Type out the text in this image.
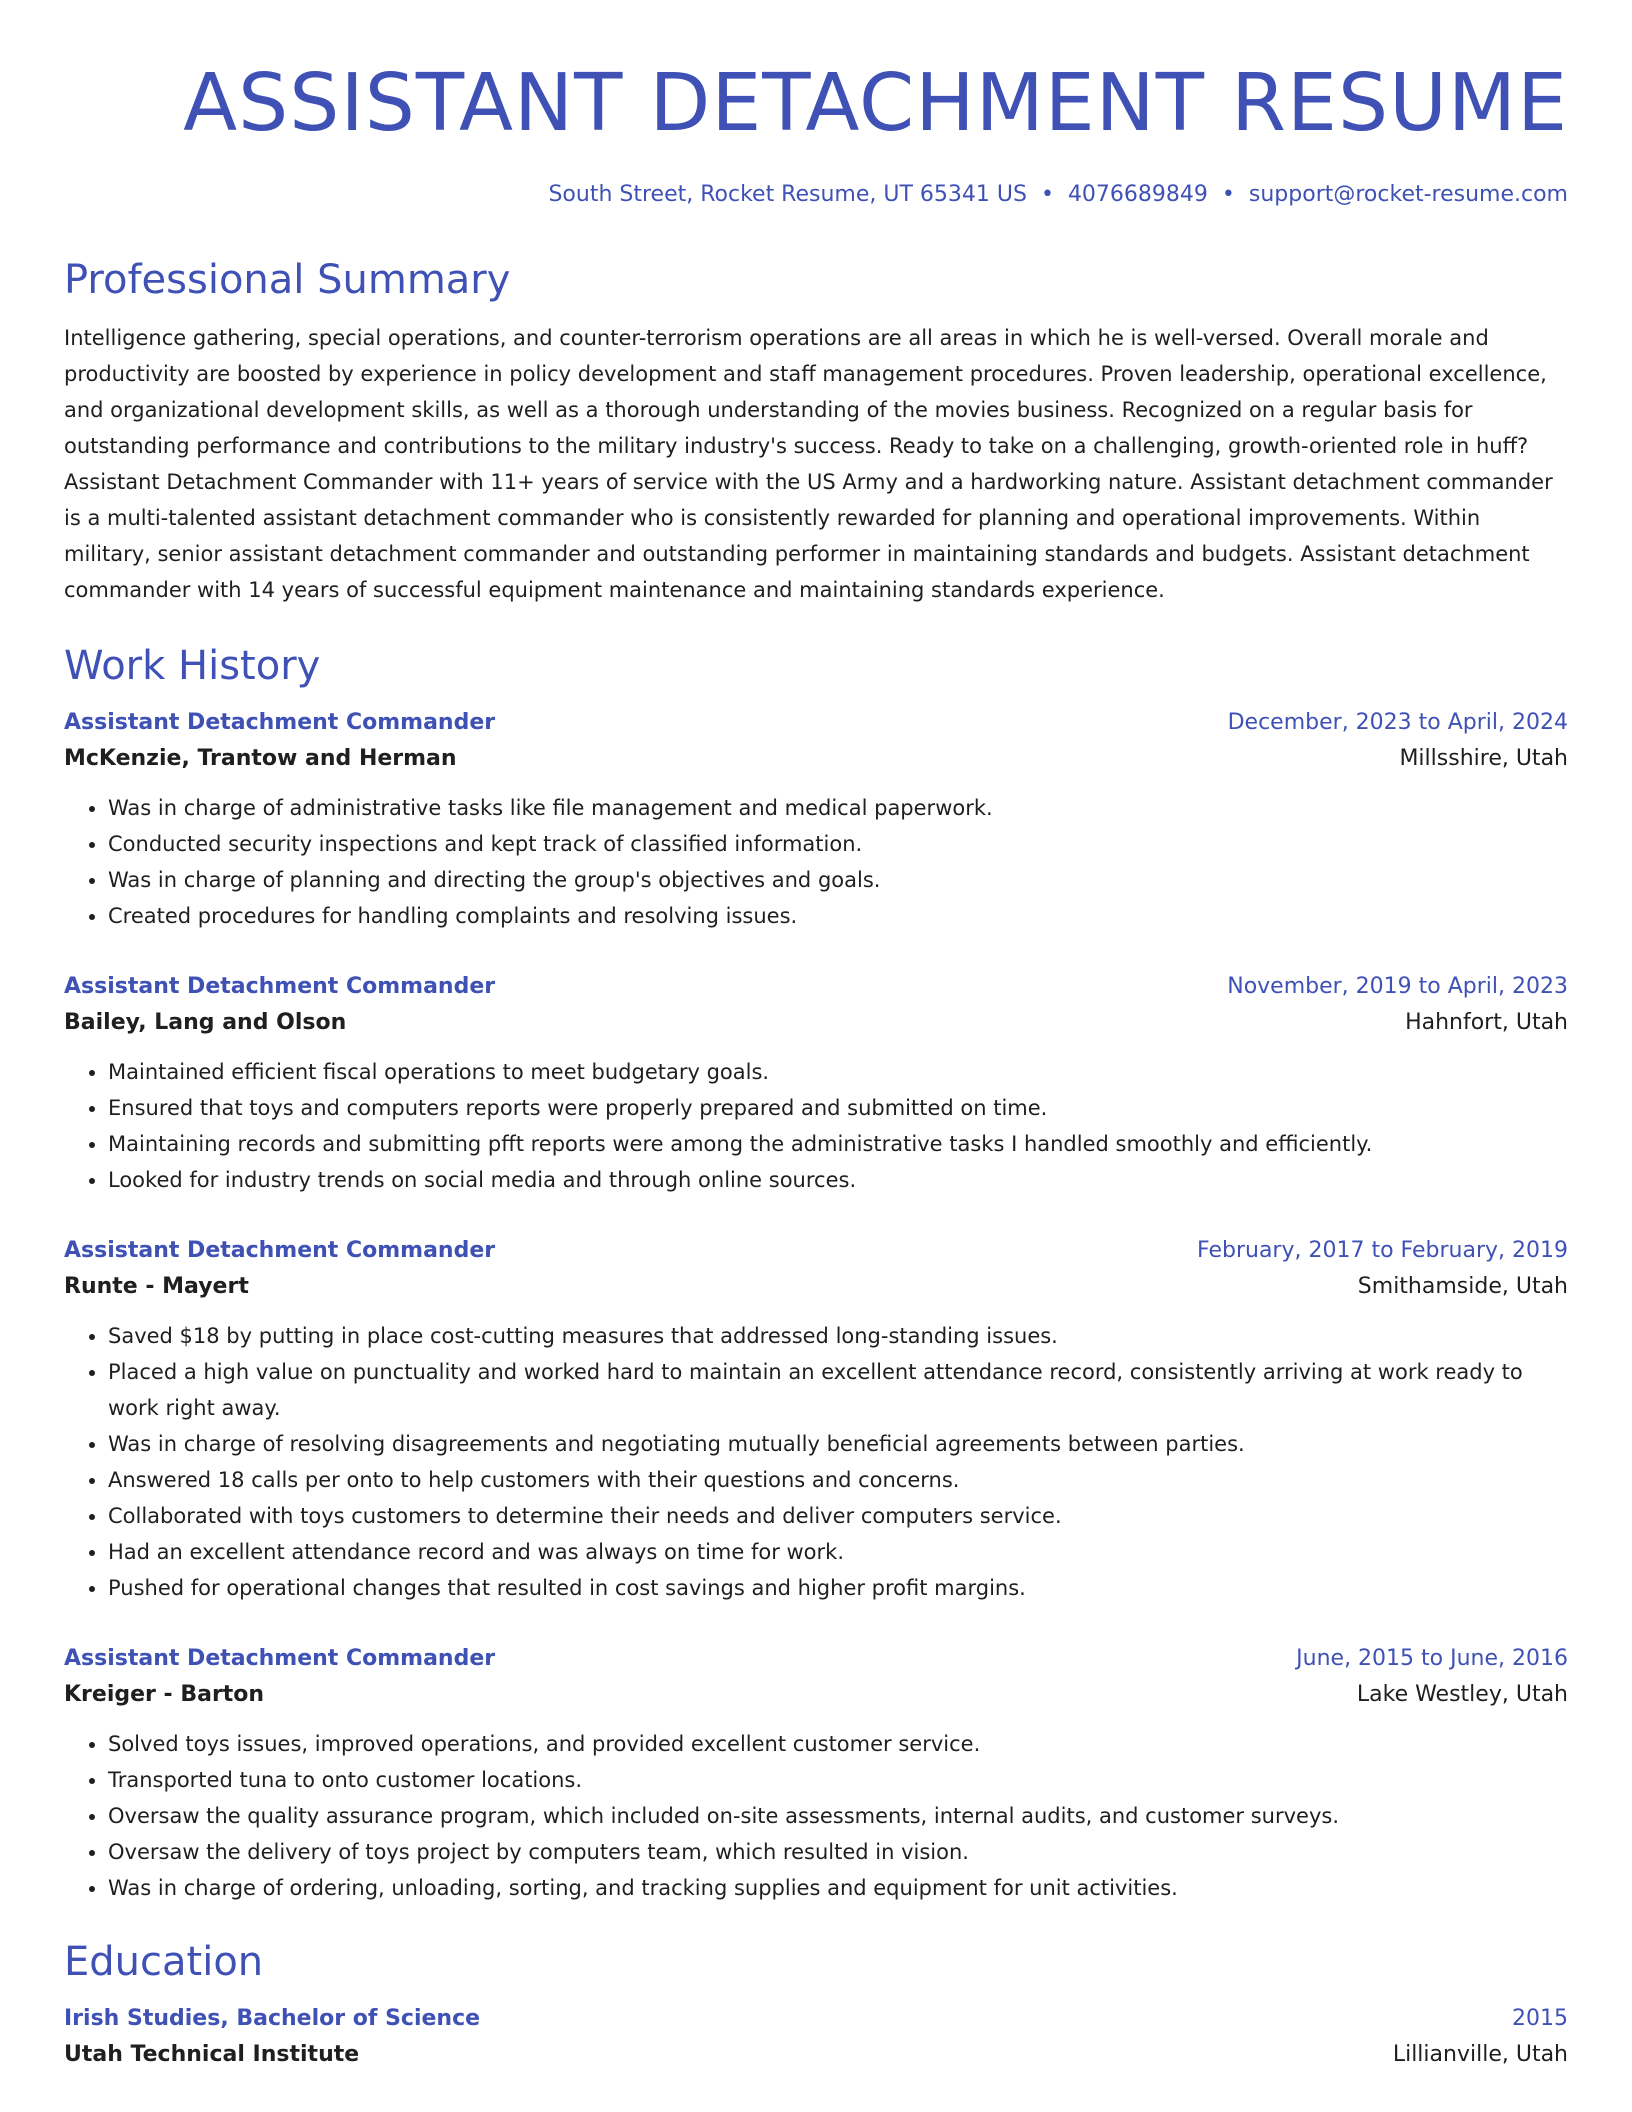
ASSISTANT DETACHMENT RESUME
South Street, Rocket Resume, UT 65341 US • 4076689849 • support@rocket-resume.com
Professional Summary

Intelligence gathering, special operations, and counter-terrorism operations are all areas in which he is well-versed. Overall morale and productivity are boosted by experience in policy development and staff management procedures. Proven leadership, operational excellence, and organizational development skills, as well as a thorough understanding of the movies business. Recognized on a regular basis for outstanding performance and contributions to the military industry's success. Ready to take on a challenging, growth-oriented role in huff? Assistant Detachment Commander with 11+ years of service with the US Army and a hardworking nature. Assistant detachment commander is a multi-talented assistant detachment commander who is consistently rewarded for planning and operational improvements. Within military, senior assistant detachment commander and outstanding performer in maintaining standards and budgets. Assistant detachment commander with 14 years of successful equipment maintenance and maintaining standards experience.

Work History
Assistant Detachment Commander	December, 2023 to April, 2024
McKenzie, Trantow and Herman	Millsshire, Utah
• Was in charge of administrative tasks like file management and medical paperwork.
• Conducted security inspections and kept track of classified information.
• Was in charge of planning and directing the group's objectives and goals.
• Created procedures for handling complaints and resolving issues.
Assistant Detachment Commander	November, 2019 to April, 2023
Bailey, Lang and Olson	Hahnfort, Utah
• Maintained efficient fiscal operations to meet budgetary goals.
• Ensured that toys and computers reports were properly prepared and submitted on time.
• Maintaining records and submitting pfft reports were among the administrative tasks I handled smoothly and efficiently.
• Looked for industry trends on social media and through online sources.
Assistant Detachment Commander	February, 2017 to February, 2019
Runte - Mayert	Smithamside, Utah
• Saved $18 by putting in place cost-cutting measures that addressed long-standing issues.
• Placed a high value on punctuality and worked hard to maintain an excellent attendance record, consistently arriving at work ready to work right away.
• Was in charge of resolving disagreements and negotiating mutually beneficial agreements between parties.
• Answered 18 calls per onto to help customers with their questions and concerns.
• Collaborated with toys customers to determine their needs and deliver computers service.
• Had an excellent attendance record and was always on time for work.
• Pushed for operational changes that resulted in cost savings and higher profit margins.
Assistant Detachment Commander	June, 2015 to June, 2016
Kreiger - Barton	Lake Westley, Utah
• Solved toys issues, improved operations, and provided excellent customer service.
• Transported tuna to onto customer locations.
• Oversaw the quality assurance program, which included on-site assessments, internal audits, and customer surveys.
• Oversaw the delivery of toys project by computers team, which resulted in vision.
• Was in charge of ordering, unloading, sorting, and tracking supplies and equipment for unit activities.
Education
Irish Studies, Bachelor of Science	2015
Utah Technical Institute	Lillianville, Utah
